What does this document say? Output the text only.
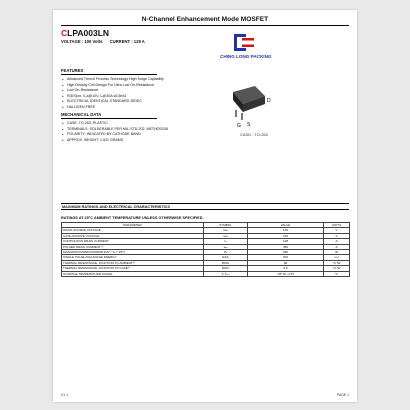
N-Channel Enhancement Mode MOSFET
CLPA003LN
VOLTAGE : 100 Volts CURRENT : 128 A
CHING LONG PACKING
G S
D
CASD : TO-263
FEATURES
● Advanced Trench Process Technology High Surge Capability
● High Density Cell Design For Ultra Low On-Resistance
● Low On-Resistance
● R(DS)on, Vₐs@10V, Iₐ@30A ≤6.5mΩ
● ELECTRICAL IDENTICAL STANDARD JEDEC
● HALOGEN FREE
MECHANICAL DATA
● CASE: TO-263, PLASTIC
● TERMINALS: SOLDERABLE PER MIL-STD-202, METHOD208
● POLARITY: INDICATED BY CATHODE BAND
● APPROX. WEIGHT: 1.531 GRAMS
MAXIMUM RATINGS AND ELECTRICAL CHARACTERISTICS
RATINGS AT 25°C AMBIENT TEMPERATURE UNLESS OTHERWISE SPECIFIED.
PARAMETER	SYMBOL	VALUE	UNITS
DRAIN-SOURCE VOLTAGE	Vₐs	100	V
GATE-SOURCE VOLTAGE	Vₐs	±20	V
CONTINUOUS DRAIN CURRENT	Iₐ	128	A
PULSED DRAIN CURRENT ⁽¹⁾	Iₐₘ	450	A
MAXIMUM POWER DISSIPATION⁽¹⁾ Tₐ = 25°C	Pₐ	250	W
SINGLE PULSE AVALANCHE ENERGY	EAS	200	mJ
THERMAL RESISTANCE, JUNCTION TO AMBIENT⁽¹⁾	RθJA	68	°C /W
THERMAL RESISTANCE, JUNCTION TO CASE⁽¹⁾	RθJC	0.5	°C /W
STORAGE TEMPERATURE RANGE	Tⱼ,Tₛₜ₉	-55 TO +175	°C
V1.1	PAGE 1
